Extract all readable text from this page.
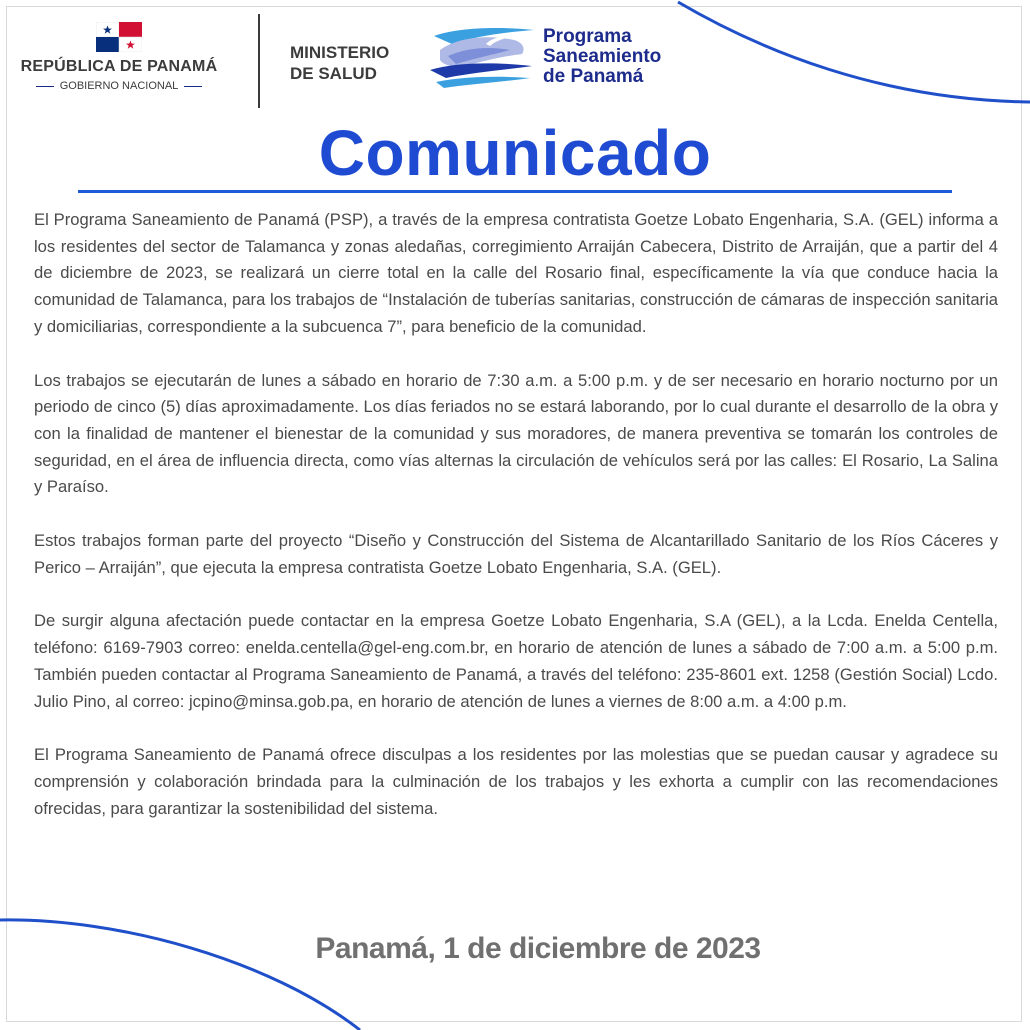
REPÚBLICA DE PANAMÁ
GOBIERNO NACIONAL
MINISTERIO
DE SALUD
Programa
Saneamiento
de Panamá
Comunicado

El Programa Saneamiento de Panamá (PSP), a través de la empresa contratista Goetze Lobato Engenharia, S.A. (GEL) informa a los residentes del sector de Talamanca y zonas aledañas, corregimiento Arraiján Cabecera, Distrito de Arraiján, que a partir del 4 de diciembre de 2023, se realizará un cierre total en la calle del Rosario final, específicamente la vía que conduce hacia la comunidad de Talamanca, para los trabajos de “Instalación de tuberías sanitarias, construcción de cámaras de inspección sanitaria y domiciliarias, correspondiente a la subcuenca 7”, para beneficio de la comunidad.

Los trabajos se ejecutarán de lunes a sábado en horario de 7:30 a.m. a 5:00 p.m. y de ser necesario en horario nocturno por un periodo de cinco (5) días aproximadamente. Los días feriados no se estará laborando, por lo cual durante el desarrollo de la obra y con la finalidad de mantener el bienestar de la comunidad y sus moradores, de manera preventiva se tomarán los controles de seguridad, en el área de influencia directa, como vías alternas la circulación de vehículos será por las calles: El Rosario, La Salina y Paraíso.

Estos trabajos forman parte del proyecto “Diseño y Construcción del Sistema de Alcantarillado Sanitario de los Ríos Cáceres y Perico – Arraiján”, que ejecuta la empresa contratista Goetze Lobato Engenharia, S.A. (GEL).

De surgir alguna afectación puede contactar en la empresa Goetze Lobato Engenharia, S.A (GEL), a la Lcda. Enelda Centella, teléfono: 6169-7903 correo: enelda.centella@gel-eng.com.br, en horario de atención de lunes a sábado de 7:00 a.m. a 5:00 p.m. También pueden contactar al Programa Saneamiento de Panamá, a través del teléfono: 235-8601 ext. 1258 (Gestión Social) Lcdo. Julio Pino, al correo: jcpino@minsa.gob.pa, en horario de atención de lunes a viernes de 8:00 a.m. a 4:00 p.m.

El Programa Saneamiento de Panamá ofrece disculpas a los residentes por las molestias que se puedan causar y agradece su comprensión y colaboración brindada para la culminación de los trabajos y les exhorta a cumplir con las recomendaciones ofrecidas, para garantizar la sostenibilidad del sistema.

Panamá, 1 de diciembre de 2023
